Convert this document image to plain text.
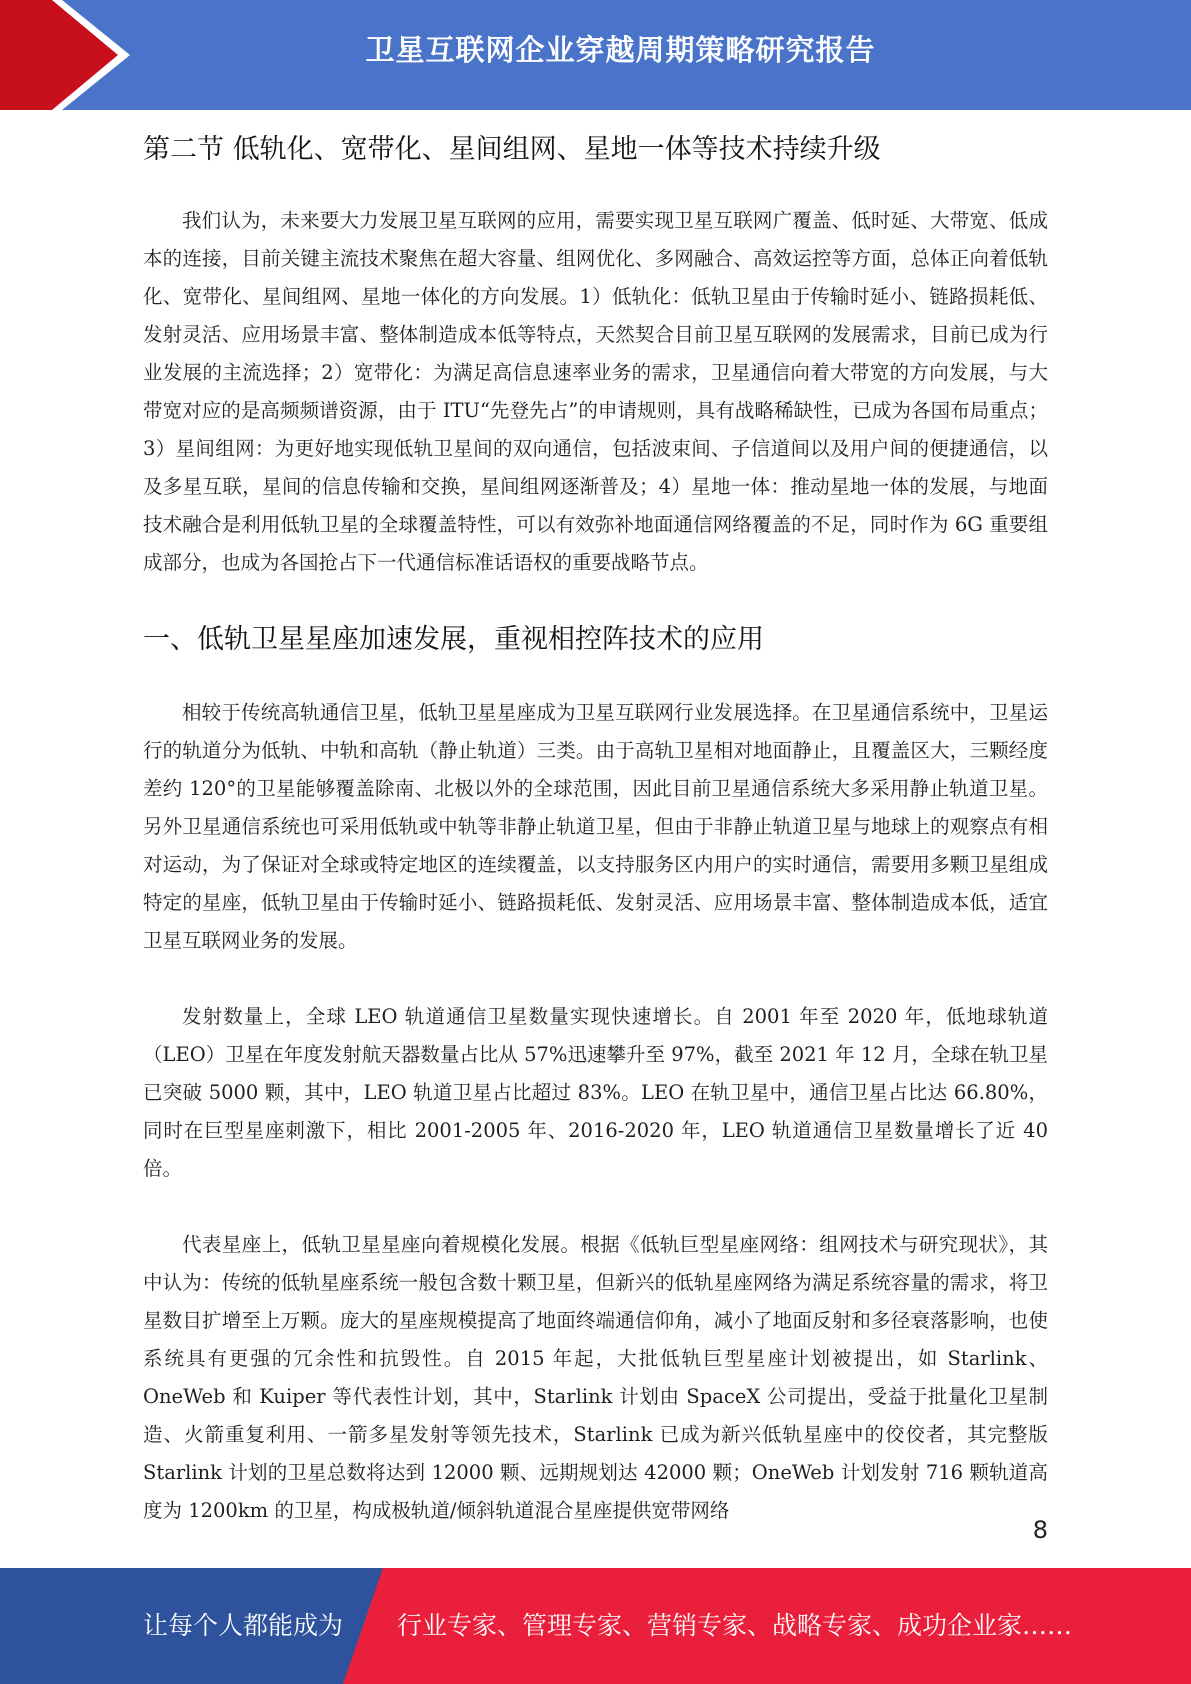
卫星互联网企业穿越周期策略研究报告
第二节 低轨化、宽带化、星间组网、星地一体等技术持续升级

我们认为，未来要大力发展卫星互联网的应用，需要实现卫星互联网广覆盖、低时延、大带宽、低成本的连接，目前关键主流技术聚焦在超大容量、组网优化、多网融合、高效运控等方面，总体正向着低轨化、宽带化、星间组网、星地一体化的方向发展。1）低轨化：低轨卫星由于传输时延小、链路损耗低、发射灵活、应用场景丰富、整体制造成本低等特点，天然契合目前卫星互联网的发展需求，目前已成为行业发展的主流选择；2）宽带化：为满足高信息速率业务的需求，卫星通信向着大带宽的方向发展，与大带宽对应的是高频频谱资源，由于 ITU“先登先占”的申请规则，具有战略稀缺性，已成为各国布局重点；3）星间组网：为更好地实现低轨卫星间的双向通信，包括波束间、子信道间以及用户间的便捷通信，以及多星互联，星间的信息传输和交换，星间组网逐渐普及；4）星地一体：推动星地一体的发展，与地面技术融合是利用低轨卫星的全球覆盖特性，可以有效弥补地面通信网络覆盖的不足，同时作为 6G 重要组成部分，也成为各国抢占下一代通信标准话语权的重要战略节点。

一、低轨卫星星座加速发展，重视相控阵技术的应用

相较于传统高轨通信卫星，低轨卫星星座成为卫星互联网行业发展选择。在卫星通信系统中，卫星运行的轨道分为低轨、中轨和高轨（静止轨道）三类。由于高轨卫星相对地面静止，且覆盖区大，三颗经度差约 120°的卫星能够覆盖除南、北极以外的全球范围，因此目前卫星通信系统大多采用静止轨道卫星。另外卫星通信系统也可采用低轨或中轨等非静止轨道卫星，但由于非静止轨道卫星与地球上的观察点有相对运动，为了保证对全球或特定地区的连续覆盖，以支持服务区内用户的实时通信，需要用多颗卫星组成特定的星座，低轨卫星由于传输时延小、链路损耗低、发射灵活、应用场景丰富、整体制造成本低，适宜卫星互联网业务的发展。

发射数量上，全球 LEO 轨道通信卫星数量实现快速增长。自 2001 年至 2020 年，低地球轨道（LEO）卫星在年度发射航天器数量占比从 57%迅速攀升至 97%，截至 2021 年 12 月，全球在轨卫星已突破 5000 颗，其中，LEO 轨道卫星占比超过 83%。LEO 在轨卫星中，通信卫星占比达 66.80%，同时在巨型星座刺激下，相比 2001-2005 年、2016-2020 年，LEO 轨道通信卫星数量增长了近 40 倍。

代表星座上，低轨卫星星座向着规模化发展。根据《低轨巨型星座网络：组网技术与研究现状》，其中认为：传统的低轨星座系统一般包含数十颗卫星，但新兴的低轨星座网络为满足系统容量的需求，将卫星数目扩增至上万颗。庞大的星座规模提高了地面终端通信仰角，减小了地面反射和多径衰落影响，也使系统具有更强的冗余性和抗毁性。自 2015 年起，大批低轨巨型星座计划被提出，如 Starlink、OneWeb 和 Kuiper 等代表性计划，其中，Starlink 计划由 SpaceX 公司提出，受益于批量化卫星制造、火箭重复利用、一箭多星发射等领先技术，Starlink 已成为新兴低轨星座中的佼佼者，其完整版 Starlink 计划的卫星总数将达到 12000 颗、远期规划达 42000 颗；OneWeb 计划发射 716 颗轨道高度为 1200km 的卫星，构成极轨道/倾斜轨道混合星座提供宽带网络

8
让每个人都能成为 行业专家、管理专家、营销专家、战略专家、成功企业家……
